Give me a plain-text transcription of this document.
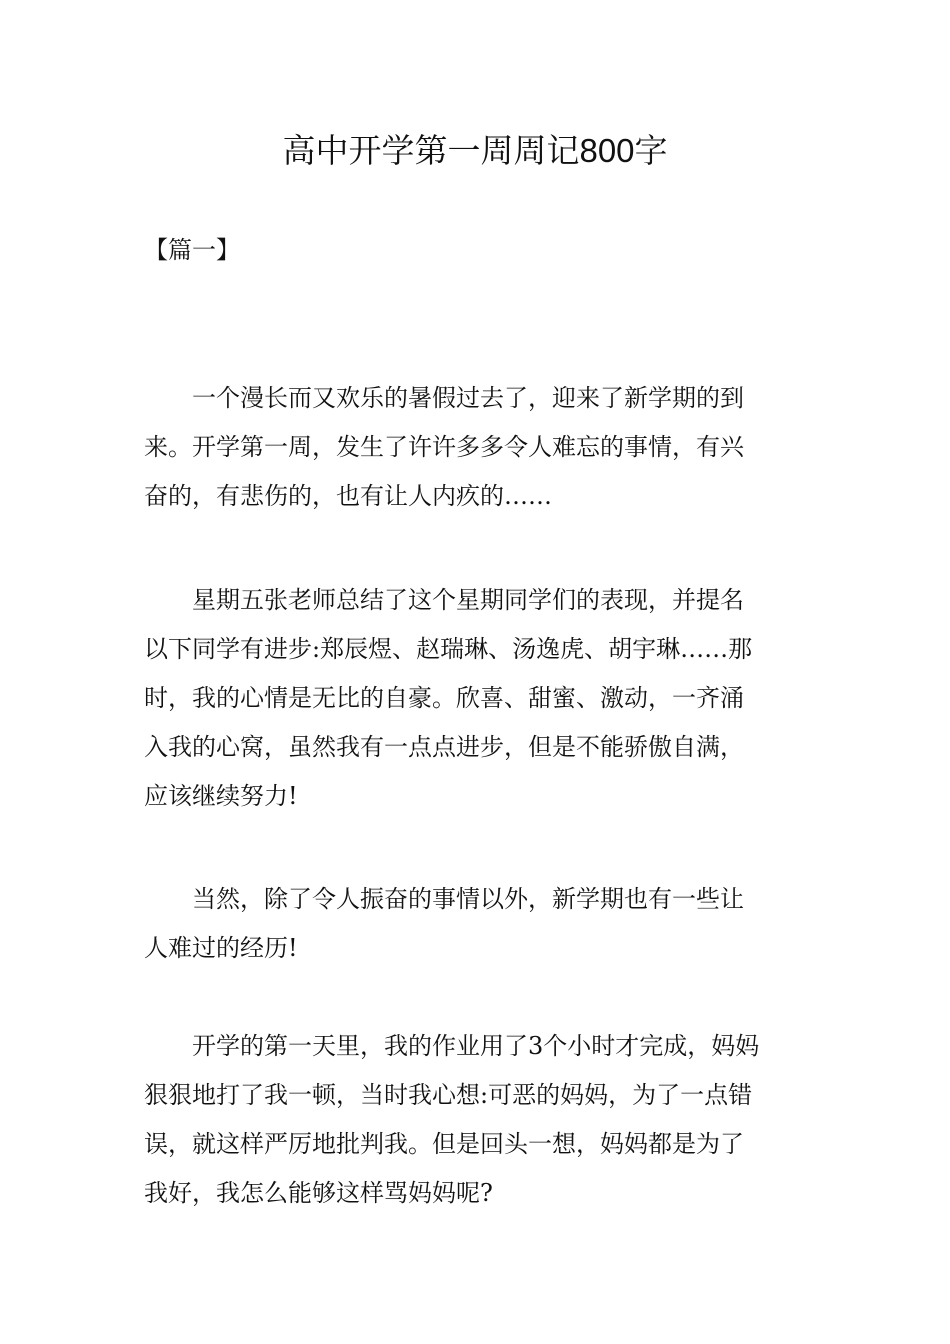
高中开学第一周周记800字
【篇一】
　　一个漫长而又欢乐的暑假过去了，迎来了新学期的到
来。开学第一周，发生了许许多多令人难忘的事情，有兴
奋的，有悲伤的，也有让人内疚的……
　　星期五张老师总结了这个星期同学们的表现，并提名
以下同学有进步:郑辰煜、赵瑞琳、汤逸虎、胡宇琳……那
时，我的心情是无比的自豪。欣喜、甜蜜、激动，一齐涌
入我的心窝，虽然我有一点点进步，但是不能骄傲自满，
应该继续努力!
　　当然，除了令人振奋的事情以外，新学期也有一些让
人难过的经历!
　　开学的第一天里，我的作业用了3个小时才完成，妈妈
狠狠地打了我一顿，当时我心想:可恶的妈妈，为了一点错
误，就这样严厉地批判我。但是回头一想，妈妈都是为了
我好，我怎么能够这样骂妈妈呢?
